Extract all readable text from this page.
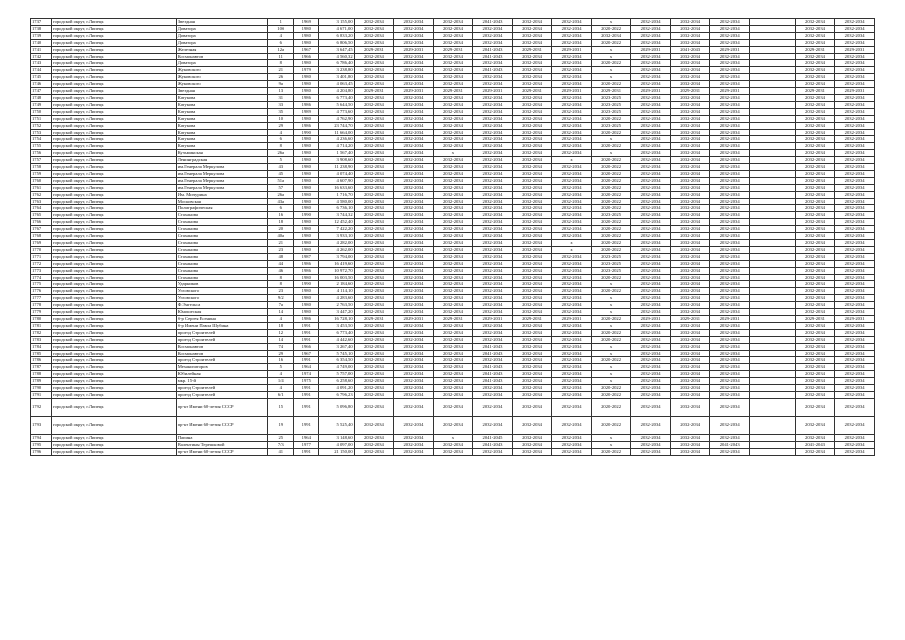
1737	городской округ, г.Липецк	Звездная	1	1969	3 155,00	2032-2034	2032-2034	2032-2034	2041-2043	2032-2034	2032-2034	x	2032-2034	2032-2034	2032-2034		2032-2034	2032-2034
1738	городской округ, г.Липецк	Доватора	10б	1980	4 671,00	2032-2034	2032-2034	2032-2034	2032-2034	2032-2034	2032-2034	2020-2022	2032-2034	2032-2034	2032-2034		2032-2034	2032-2034
1739	городской округ, г.Липецк	Доватора	4	1980	6 833,20	2032-2034	2032-2034	2032-2034	2032-2034	2032-2034	2032-2034	2032-2034	2032-2034	2032-2034	2032-2034		2032-2034	2032-2034
1740	городской округ, г.Липецк	Доватора	6	1980	6 806,50	2032-2034	2032-2034	2032-2034	2032-2034	2032-2034	2032-2034	2020-2022	2032-2034	2032-2034	2032-2034		2032-2034	2032-2034
1741	городской округ, г.Липецк	Железная	12а	1967	3 647,45	2029-2031	2029-2031	2029-2031	2041-2043	2029-2031	2029-2031	x	2029-2031	2041-2043	2029-2031		2029-2031	2029-2031
1742	городской округ, г.Липецк	Космонавтов	11	1966	4 560,32	2032-2034	2032-2034	2032-2034	2041-2043	2032-2034	2032-2034	x	2032-2034	2032-2034	2032-2034		2032-2034	2032-2034
1743	городской округ, г.Липецк	Доватора	8	1980	6 786,40	2032-2034	2032-2034	2032-2034	2032-2034	2032-2034	2032-2034	2020-2022	2032-2034	2032-2034	2032-2034		2032-2034	2032-2034
1744	городской округ, г.Липецк	Жуковского	21	1979	3 238,80	2032-2034	2032-2034	2032-2034	2041-2043	2032-2034	2032-2034	x	2032-2034	2032-2034	2032-2034		2032-2034	2032-2034
1745	городской округ, г.Липецк	Жуковского	26	1980	3 401,80	2032-2034	2032-2034	2032-2034	2032-2034	2032-2034	2032-2034	x	2032-2034	2032-2034	2032-2034		2032-2034	2032-2034
1746	городской округ, г.Липецк	Жуковского	9а	1980	4 063,45	2032-2034	2032-2034	2032-2034	2032-2034	2032-2034	2032-2034	2020-2022	2032-2034	2032-2034	2032-2034		2032-2034	2032-2034
1747	городской округ, г.Липецк	Звездная	13	1980	4 204,80	2029-2031	2029-2031	2029-2031	2029-2031	2029-2031	2029-2031	2029-2031	2029-2031	2029-2031	2029-2031		2029-2031	2029-2031
1748	городской округ, г.Липецк	Катукова	31	1986	6 773,40	2032-2034	2032-2034	2032-2034	2032-2034	2032-2034	2032-2034	2023-2025	2032-2034	2032-2034	2032-2034		2032-2034	2032-2034
1749	городской округ, г.Липецк	Катукова	33	1986	5 644,50	2032-2034	2032-2034	2032-2034	2032-2034	2032-2034	2032-2034	2023-2025	2032-2034	2032-2034	2032-2034		2032-2034	2032-2034
1750	городской округ, г.Липецк	Катукова	35	1989	4 773,60	2032-2034	2032-2034	2032-2034	2032-2034	2032-2034	2032-2034	2023-2025	2032-2034	2032-2034	2032-2034		2032-2034	2032-2034
1751	городской округ, г.Липецк	Катукова	10	1980	4 762,90	2032-2034	2032-2034	2032-2034	2032-2034	2032-2034	2032-2034	2020-2022	2032-2034	2032-2034	2032-2034		2032-2034	2032-2034
1752	городской округ, г.Липецк	Катукова	29	1986	23 744,70	2032-2034	2032-2034	2032-2034	2032-2034	2032-2034	2032-2034	2023-2025	2032-2034	2032-2034	2032-2034		2032-2034	2032-2034
1753	городской округ, г.Липецк	Катукова	4	1990	11 664,00	2032-2034	2032-2034	2032-2034	2032-2034	2032-2034	2032-2034	2020-2022	2032-2034	2032-2034	2032-2034		2032-2034	2032-2034
1754	городской округ, г.Липецк	Катукова	6	1980	4 236,60	2032-2034	2032-2034	2032-2034	2032-2034	2032-2034	2032-2034	x	2032-2034	2032-2034	2032-2034		2032-2034	2032-2034
1755	городской округ, г.Липецк	Катукова	8	1980	4 714,20	2032-2034	2032-2034	2032-2034	2032-2034	2032-2034	2032-2034	2020-2022	2032-2034	2032-2034	2032-2034		2032-2034	2032-2034
1756	городской округ, г.Липецк	Кузьминская	26а	1980	1 567,40	2032-2034	2032-2034	x	2032-2034	2032-2034	2032-2034	x	2032-2034	2032-2034	2032-2034		2032-2034	2032-2034
1757	городской округ, г.Липецк	Ленинградская	5	1980	3 908,60	2032-2034	2032-2034	2032-2034	2032-2034	2032-2034	x	2020-2022	2032-2034	2032-2034	2032-2034		2032-2034	2032-2034
1758	городской округ, г.Липецк	им.Генерала Меркулова	43	1980	11 238,90	2032-2034	2032-2034	2032-2034	2032-2034	2032-2034	2032-2034	2020-2022	2032-2034	2032-2034	2032-2034		2032-2034	2032-2034
1759	городской округ, г.Липецк	им.Генерала Меркулова	45	1980	4 074,40	2032-2034	2032-2034	2032-2034	2032-2034	2032-2034	2032-2034	2020-2022	2032-2034	2032-2034	2032-2034		2032-2034	2032-2034
1760	городской округ, г.Липецк	им.Генерала Меркулова	51а	1980	4 607,90	2032-2034	2032-2034	2032-2034	2032-2034	2032-2034	2032-2034	2020-2022	2032-2034	2032-2034	2032-2034		2032-2034	2032-2034
1761	городской округ, г.Липецк	им.Генерала Меркулова	57	1980	16 633,60	2032-2034	2032-2034	2032-2034	2032-2034	2032-2034	2032-2034	2020-2022	2032-2034	2032-2034	2032-2034		2032-2034	2032-2034
1762	городской округ, г.Липецк	Им. Мичурина	26а	1980	1 716,70	2032-2034	2032-2034	2032-2034	2032-2034	2032-2034	2032-2034	2020-2022	2032-2034	2032-2034	2032-2034		2032-2034	2032-2034
1763	городской округ, г.Липецк	Московская	43а	1980	4 580,00	2032-2034	2032-2034	2032-2034	2032-2034	2032-2034	2032-2034	2020-2022	2032-2034	2032-2034	2032-2034		2032-2034	2032-2034
1764	городской округ, г.Липецк	Полиграфическая	6	1980	6 736,10	2032-2034	2032-2034	2032-2034	2032-2034	2032-2034	2032-2034	2020-2022	2032-2034	2032-2034	2032-2034		2032-2034	2032-2034
1765	городской округ, г.Липецк	Стаханова	16	1990	3 744,32	2032-2034	2032-2034	2032-2034	2032-2034	2032-2034	2032-2034	2023-2025	2032-2034	2032-2034	2032-2034		2032-2034	2032-2034
1766	городской округ, г.Липецк	Стаханова	18	1980	12 452,40	2032-2034	2032-2034	2032-2034	2032-2034	2032-2034	2032-2034	2020-2022	2032-2034	2032-2034	2032-2034		2032-2034	2032-2034
1767	городской округ, г.Липецк	Стаханова	20	1980	7 422,20	2032-2034	2032-2034	2032-2034	2032-2034	2032-2034	2032-2034	2020-2022	2032-2034	2032-2034	2032-2034		2032-2034	2032-2034
1768	городской округ, г.Липецк	Стаханова	40а	1980	3 933,10	2032-2034	2032-2034	2032-2034	2032-2034	2032-2034	2032-2034	2020-2022	2032-2034	2032-2034	2032-2034		2032-2034	2032-2034
1769	городской округ, г.Липецк	Стаханова	21	1980	4 282,00	2032-2034	2032-2034	2032-2034	2032-2034	2032-2034	x	2020-2022	2032-2034	2032-2034	2032-2034		2032-2034	2032-2034
1770	городской округ, г.Липецк	Стаханова	23	1980	4 262,00	2032-2034	2032-2034	2032-2034	2032-2034	2032-2034	x	2020-2022	2032-2034	2032-2034	2032-2034		2032-2034	2032-2034
1771	городской округ, г.Липецк	Стаханова	48	1987	3 794,00	2032-2034	2032-2034	2032-2034	2032-2034	2032-2034	2032-2034	2023-2025	2032-2034	2032-2034	2032-2034		2032-2034	2032-2034
1772	городской округ, г.Липецк	Стаханова	44	1986	16 419,60	2032-2034	2032-2034	2032-2034	2032-2034	2032-2034	2032-2034	2023-2025	2032-2034	2032-2034	2032-2034		2032-2034	2032-2034
1773	городской округ, г.Липецк	Стаханова	46	1986	10 972,70	2032-2034	2032-2034	2032-2034	2032-2034	2032-2034	2032-2034	2023-2025	2032-2034	2032-2034	2032-2034		2032-2034	2032-2034
1774	городской округ, г.Липецк	Стаханова	8	1980	16 003,50	2032-2034	2032-2034	2032-2034	2032-2034	2032-2034	2032-2034	2020-2022	2032-2034	2032-2034	2032-2034		2032-2034	2032-2034
1775	городской округ, г.Липецк	Ударников	8	1990	2 184,60	2032-2034	2032-2034	2032-2034	2032-2034	2032-2034	2032-2034	x	2032-2034	2032-2034	2032-2034		2032-2034	2032-2034
1776	городской округ, г.Липецк	Угловского	23	1980	4 114,10	2032-2034	2032-2034	2032-2034	2032-2034	2032-2034	2032-2034	2020-2022	2032-2034	2032-2034	2032-2034		2032-2034	2032-2034
1777	городской округ, г.Липецк	Угловского	9/2	1980	4 283,60	2032-2034	2032-2034	2032-2034	2032-2034	2032-2034	2032-2034	x	2032-2034	2032-2034	2032-2034		2032-2034	2032-2034
1778	городской округ, г.Липецк	Ф.Энгельса	7а	1980	2 763,50	2032-2034	2032-2034	2032-2034	2032-2034	2032-2034	2032-2034	x	2032-2034	2032-2034	2032-2034		2032-2034	2032-2034
1779	городской округ, г.Липецк	Юношеская	14	1980	3 447,20	2032-2034	2032-2034	2032-2034	2032-2034	2032-2034	2032-2034	x	2032-2034	2032-2034	2032-2034		2032-2034	2032-2034
1780	городской округ, г.Липецк	б-р Сергея Есенина	4	1986	16 728,10	2029-2031	2029-2031	2029-2031	2029-2031	2029-2031	2029-2031	2020-2022	2029-2031	2029-2031	2029-2031		2029-2031	2029-2031
1781	городской округ, г.Липецк	б-р Имени Павла Шубина	18	1991	3 453,50	2032-2034	2032-2034	2032-2034	2032-2034	2032-2034	2032-2034	x	2032-2034	2032-2034	2032-2034		2032-2034	2032-2034
1782	городской округ, г.Липецк	проезд Строителей	12	1991	6 773,40	2032-2034	2032-2034	2032-2034	2032-2034	2032-2034	2032-2034	2020-2022	2032-2034	2032-2034	2032-2034		2032-2034	2032-2034
1783	городской округ, г.Липецк	проезд Строителей	14	1991	4 442,60	2032-2034	2032-2034	2032-2034	2032-2034	2032-2034	2032-2034	2020-2022	2032-2034	2032-2034	2032-2034		2032-2034	2032-2034
1784	городской округ, г.Липецк	Космонавтов	74	1966	3 267,40	2032-2034	2032-2034	2032-2034	2041-2043	2032-2034	2032-2034	x	2032-2034	2032-2034	2032-2034		2032-2034	2032-2034
1785	городской округ, г.Липецк	Космонавтов	29	1967	5 745,10	2032-2034	2032-2034	2032-2034	2041-2043	2032-2034	2032-2034	x	2032-2034	2032-2034	2032-2034		2032-2034	2032-2034
1786	городской округ, г.Липецк	проезд Строителей	16	1991	6 354,50	2032-2034	2032-2034	2032-2034	2032-2034	2032-2034	2032-2034	2020-2022	2032-2034	2032-2034	2032-2034		2032-2034	2032-2034
1787	городской округ, г.Липецк	Механизаторов	5	1964	4 749,00	2032-2034	2032-2034	2032-2034	2041-2043	2032-2034	2032-2034	x	2032-2034	2032-2034	2032-2034		2032-2034	2032-2034
1788	городской округ, г.Липецк	Юбилейная	4	1974	5 757,00	2032-2034	2032-2034	2032-2034	2041-2043	2032-2034	2032-2034	x	2032-2034	2032-2034	2032-2034		2032-2034	2032-2034
1789	городской округ, г.Липецк	мкр. 15-й	1/4	1975	6 258,60	2032-2034	2032-2034	2032-2034	2041-2043	2032-2034	2032-2034	x	2032-2034	2032-2034	2032-2034		2032-2034	2032-2034
1790	городской округ, г.Липецк	проезд Строителей	4	1991	4 091,20	2032-2034	2032-2034	2032-2034	2032-2034	2032-2034	2032-2034	2020-2022	2032-2034	2032-2034	2032-2034		2032-2034	2032-2034
1791	городской округ, г.Липецк	проезд Строителей	6/1	1991	6 796,23	2032-2034	2032-2034	2032-2034	2032-2034	2032-2034	2032-2034	2020-2022	2032-2034	2032-2034	2032-2034		2032-2034	2032-2034
1792	городской округ, г.Липецк	пр-кт Имени 60-летия СССР	15	1991	5 096,80	2032-2034	2032-2034	2032-2034	2032-2034	2032-2034	2032-2034	2020-2022	2032-2034	2032-2034	2032-2034		2032-2034	2032-2034
1793	городской округ, г.Липецк	пр-кт Имени 60-летия СССР	19	1991	5 525,40	2032-2034	2032-2034	2032-2034	2032-2034	2032-2034	2032-2034	2020-2022	2032-2034	2032-2034	2032-2034		2032-2034	2032-2034
1794	городской округ, г.Липецк	Папина	25	1964	3 148,60	2032-2034	2032-2034	x	2041-2045	2032-2034	2032-2034	x	2032-2034	2032-2034	2032-2034		2032-2034	2032-2034
1795	городской округ, г.Липецк	Валентины Терешковой	7/3	1977	4 097,00	2032-2034	2032-2034	2032-2034	2041-2043	2032-2034	2032-2034	x	2032-2034	2032-2034	2041-2043		2041-2043	2032-2034
1796	городской округ, г.Липецк	пр-кт Имени 60-летия СССР	41	1991	21 150,00	2032-2034	2032-2034	2032-2034	2032-2034	2032-2034	2032-2034	2020-2022	2032-2034	2032-2034	2032-2034		2032-2034	2032-2034
